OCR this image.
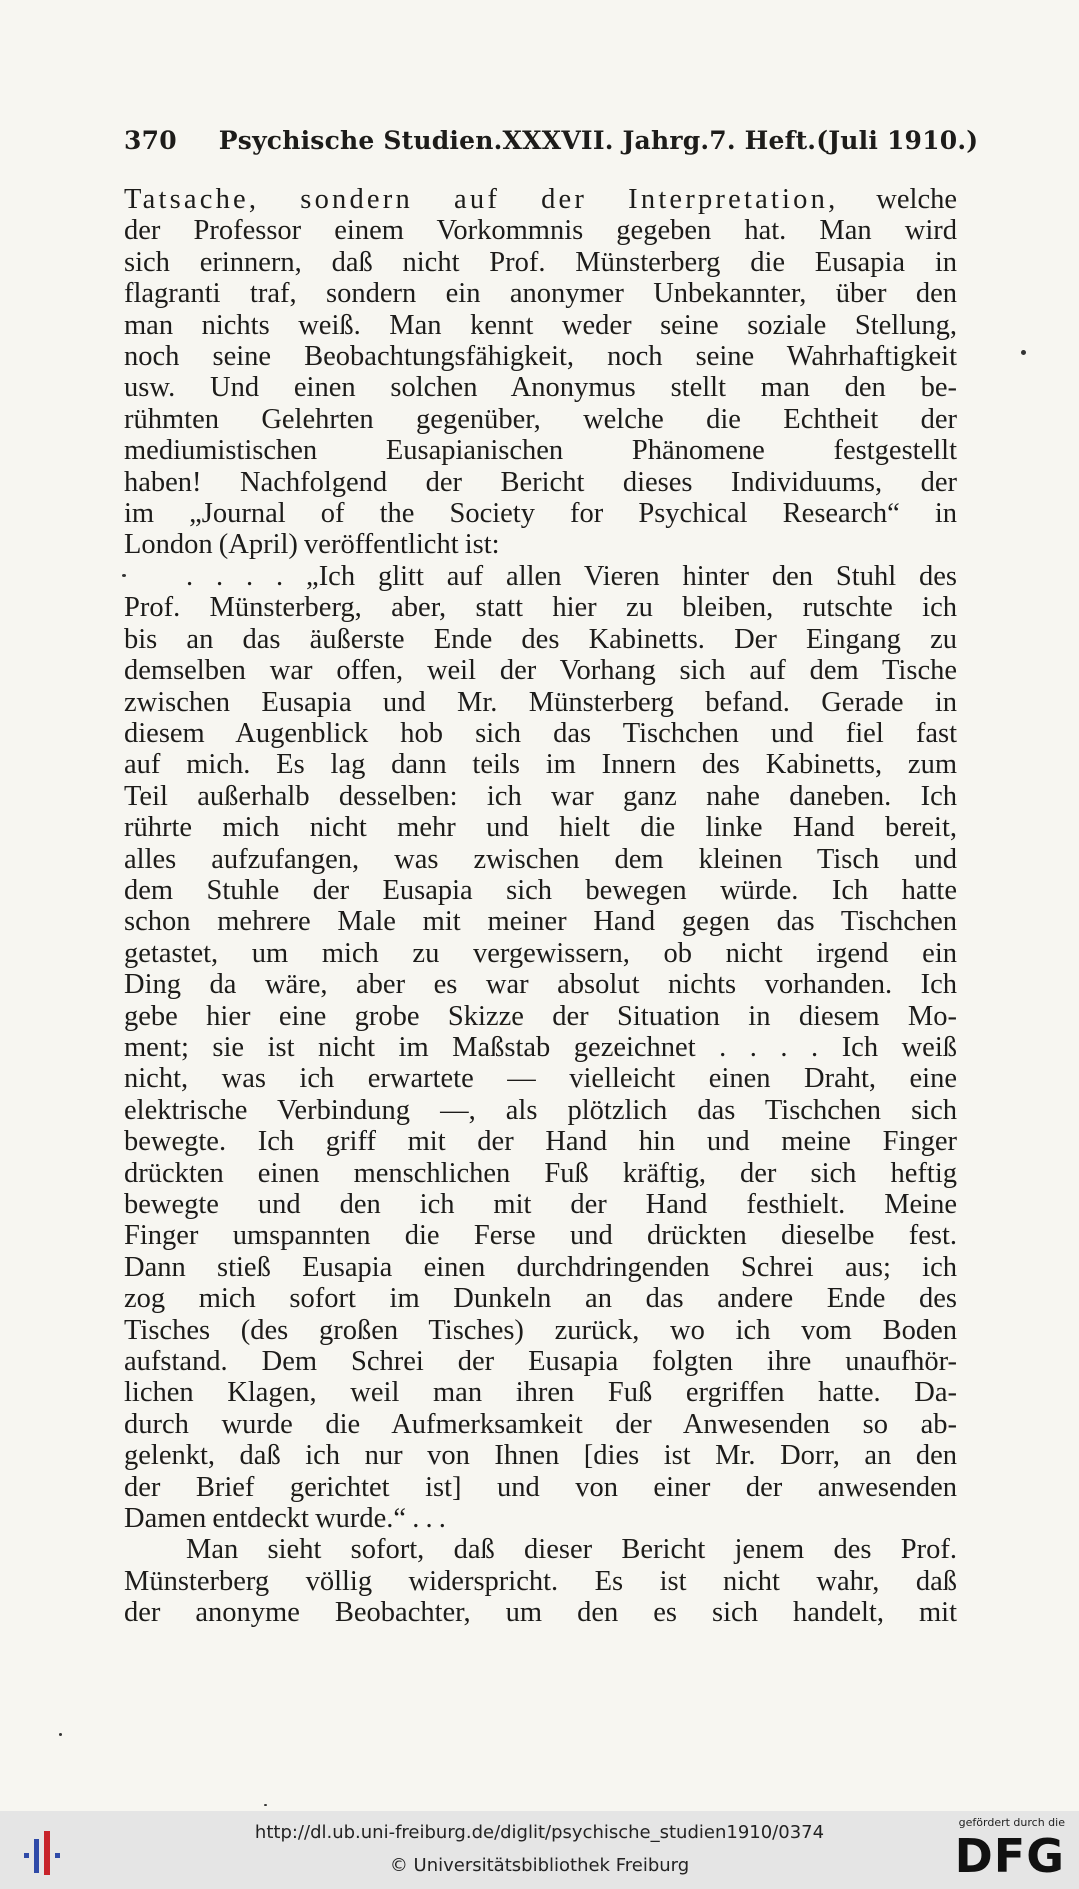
370 Psychische Studien. XXXVII. Jahrg. 7. Heft. (Juli 1910.)
Tatsache, sondern auf der Interpretation, welche
der Professor einem Vorkommnis gegeben hat. Man wird
sich erinnern, daß nicht Prof. Münsterberg die Eusapia in
flagranti traf, sondern ein anonymer Unbekannter, über den
man nichts weiß. Man kennt weder seine soziale Stellung,
noch seine Beobachtungsfähigkeit, noch seine Wahrhaftigkeit
usw. Und einen solchen Anonymus stellt man den be-
rühmten Gelehrten gegenüber, welche die Echtheit der
mediumistischen Eusapianischen Phänomene festgestellt
haben! Nachfolgend der Bericht dieses Individuums, der
im „Journal of the Society for Psychical Research“ in
London (April) veröffentlicht ist:
. . . . „Ich glitt auf allen Vieren hinter den Stuhl des
Prof. Münsterberg, aber, statt hier zu bleiben, rutschte ich
bis an das äußerste Ende des Kabinetts. Der Eingang zu
demselben war offen, weil der Vorhang sich auf dem Tische
zwischen Eusapia und Mr. Münsterberg befand. Gerade in
diesem Augenblick hob sich das Tischchen und fiel fast
auf mich. Es lag dann teils im Innern des Kabinetts, zum
Teil außerhalb desselben: ich war ganz nahe daneben. Ich
rührte mich nicht mehr und hielt die linke Hand bereit,
alles aufzufangen, was zwischen dem kleinen Tisch und
dem Stuhle der Eusapia sich bewegen würde. Ich hatte
schon mehrere Male mit meiner Hand gegen das Tischchen
getastet, um mich zu vergewissern, ob nicht irgend ein
Ding da wäre, aber es war absolut nichts vorhanden. Ich
gebe hier eine grobe Skizze der Situation in diesem Mo-
ment; sie ist nicht im Maßstab gezeichnet . . . . Ich weiß
nicht, was ich erwartete — vielleicht einen Draht, eine
elektrische Verbindung —, als plötzlich das Tischchen sich
bewegte. Ich griff mit der Hand hin und meine Finger
drückten einen menschlichen Fuß kräftig, der sich heftig
bewegte und den ich mit der Hand festhielt. Meine
Finger umspannten die Ferse und drückten dieselbe fest.
Dann stieß Eusapia einen durchdringenden Schrei aus; ich
zog mich sofort im Dunkeln an das andere Ende des
Tisches (des großen Tisches) zurück, wo ich vom Boden
aufstand. Dem Schrei der Eusapia folgten ihre unaufhör-
lichen Klagen, weil man ihren Fuß ergriffen hatte. Da-
durch wurde die Aufmerksamkeit der Anwesenden so ab-
gelenkt, daß ich nur von Ihnen [dies ist Mr. Dorr, an den
der Brief gerichtet ist] und von einer der anwesenden
Damen entdeckt wurde.“ . . .
Man sieht sofort, daß dieser Bericht jenem des Prof.
Münsterberg völlig widerspricht. Es ist nicht wahr, daß
der anonyme Beobachter, um den es sich handelt, mit
http://dl.ub.uni-freiburg.de/diglit/psychische_studien1910/0374
© Universitätsbibliothek Freiburg
gefördert durch die
DFG
